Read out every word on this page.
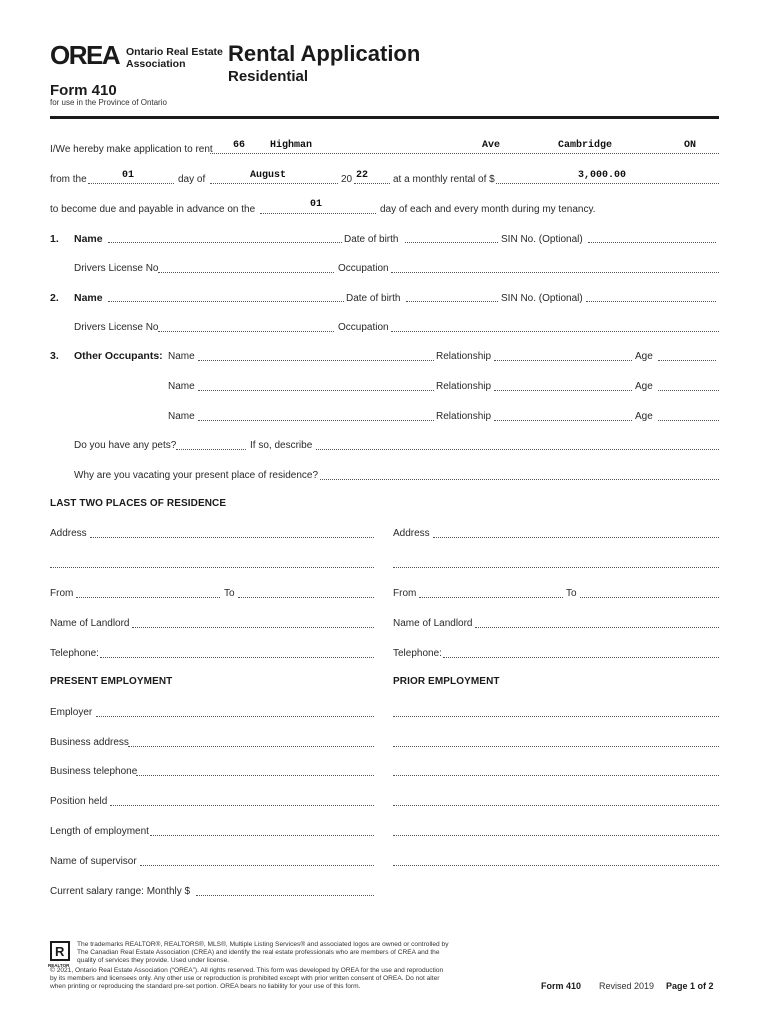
OREA Ontario Real Estate
Association Rental Application
Residential
Form 410
for use in the Province of Ontario
I/We hereby make application to rent 66 Highman	Ave	Cambridge	ON
from the	01	day of	August	20 22 at a monthly rental of $	3,000.00
to become due and payable in advance on the	01	day of each and every month during my tenancy.
1. Name	Date of birth	SIN No. (Optional)
Drivers License No	Occupation
2. Name	Date of birth	SIN No. (Optional)
Drivers License No	Occupation
3. Other Occupants: Name	Relationship	Age
Name	Relationship	Age
Name	Relationship	Age
Do you have any pets?	If so, describe
Why are you vacating your present place of residence?
LAST TWO PLACES OF RESIDENCE
Address	Address
From	To	From	To
Name of Landlord	Name of Landlord
Telephone:	Telephone:
PRESENT EMPLOYMENT	PRIOR EMPLOYMENT
Employer
Business address
Business telephone
Position held
Length of employment
Name of supervisor
Current salary range: Monthly $
R
REALTOR
The trademarks REALTOR®, REALTORS®, MLS®, Multiple Listing Services® and associated logos are owned or controlled by
The Canadian Real Estate Association (CREA) and identify the real estate professionals who are members of CREA and the
quality of services they provide. Used under license.
© 2021, Ontario Real Estate Association (“OREA”). All rights reserved. This form was developed by OREA for the use and reproduction
by its members and licensees only. Any other use or reproduction is prohibited except with prior written consent of OREA. Do not alter
when printing or reproducing the standard pre-set portion. OREA bears no liability for your use of this form.	Form 410 Revised 2019 Page 1 of 2
